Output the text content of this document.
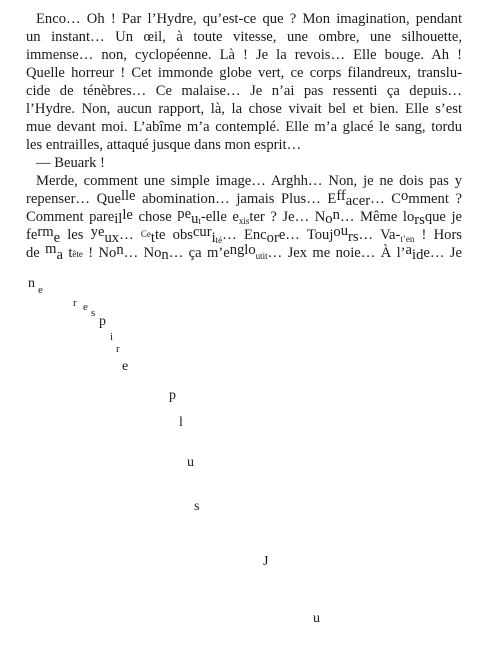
Enco… Oh ! Par l’Hydre, qu’est-ce que ? Mon imagination, pendant
un instant… Un œil, à toute vitesse, une ombre, une silhouette,
immense… non, cyclopéenne. Là ! Je la revois… Elle bouge. Ah !
Quelle horreur ! Cet immonde globe vert, ce corps filandreux, translu-
cide de ténèbres… Ce malaise… Je n’ai pas ressenti ça depuis…
l’Hydre. Non, aucun rapport, là, la chose vivait bel et bien. Elle s’est
mue devant moi. L’abîme m’a contemplé. Elle m’a glacé le sang, tordu
les entrailles, attaqué jusque dans mon esprit…
— Beuark !
Merde, comment une simple image… Arghh… Non, je ne dois pas y
repenser… Quelle abomination… jamais Plus… Effacer… Comment ?
Comment pareille chose peut-elle exister ? Je… Non… Même lorsque je
ferme les yeux… Cette obscurité… Encore… Toujours… Va-t’en ! Hors
de ma tête ! Non… Non… ça m’engloutit… Jex me noie… À l’aide… Je
n e
r e s
p
i
r
e
p
l
u
s
J
u
